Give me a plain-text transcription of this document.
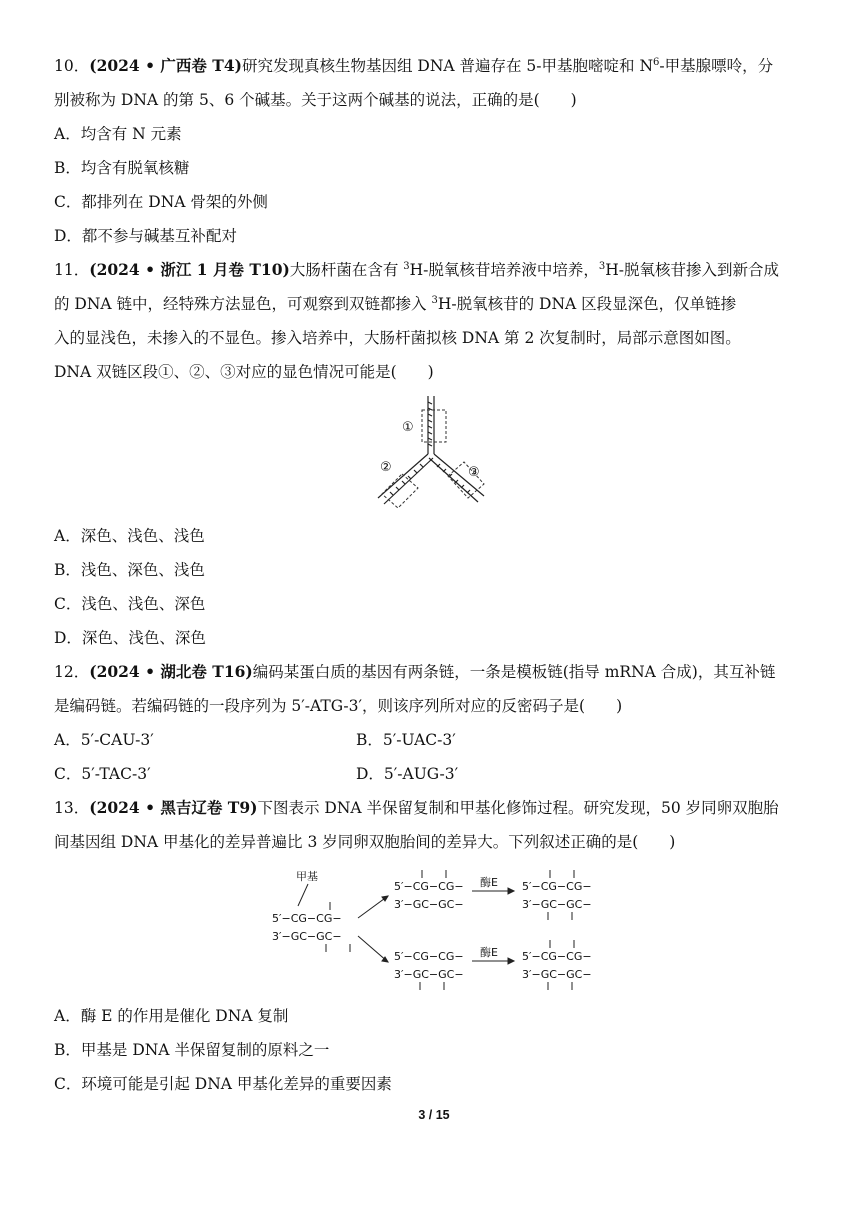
10．(2024 • 广西卷 T4)研究发现真核生物基因组 DNA 普遍存在 5-甲基胞嘧啶和 $N^6-$甲基腺嘌呤，分
别被称为 DNA 的第 5、6 个碱基。关于这两个碱基的说法，正确的是(　　)
A．均含有 N 元素
B．均含有脱氧核糖
C．都排列在 DNA 骨架的外侧
D．都不参与碱基互补配对
11．(2024 • 浙江 1 月卷 T10)大肠杆菌在含有 $^3$H-脱氧核苷培养液中培养，$^3$H-脱氧核苷掺入到新合成
的 DNA 链中，经特殊方法显色，可观察到双链都掺入 $^3$H-脱氧核苷的 DNA 区段显深色，仅单链掺
入的显浅色，未掺入的不显色。掺入培养中，大肠杆菌拟核 DNA 第 2 次复制时，局部示意图如图。
DNA 双链区段①、②、③对应的显色情况可能是(　　)
①
②	③
A．深色、浅色、浅色
B．浅色、深色、浅色
C．浅色、浅色、深色
D．深色、浅色、深色
12．(2024 • 湖北卷 T16)编码某蛋白质的基因有两条链，一条是模板链(指导 mRNA 合成)，其互补链
是编码链。若编码链的一段序列为 5′-ATG-3′，则该序列所对应的反密码子是(　　)
A．5′-CAU-3′	B．5′-UAC-3′
C．5′-TAC-3′	D．5′-AUG-3′
13．(2024 • 黑吉辽卷 T9)下图表示 DNA 半保留复制和甲基化修饰过程。研究发现，50 岁同卵双胞胎
间基因组 DNA 甲基化的差异普遍比 3 岁同卵双胞胎间的差异大。下列叙述正确的是(　　)
甲基
5′−CG−CG−
3′−GC−GC−
5′−CG−CG−
3′−GC−GC−
酶E 5′−CG−CG−
3′−GC−GC−
5′−CG−CG−
3′−GC−GC−
酶E 5′−CG−CG−
3′−GC−GC−
A．酶 E 的作用是催化 DNA 复制
B．甲基是 DNA 半保留复制的原料之一
C．环境可能是引起 DNA 甲基化差异的重要因素
3 / 15
